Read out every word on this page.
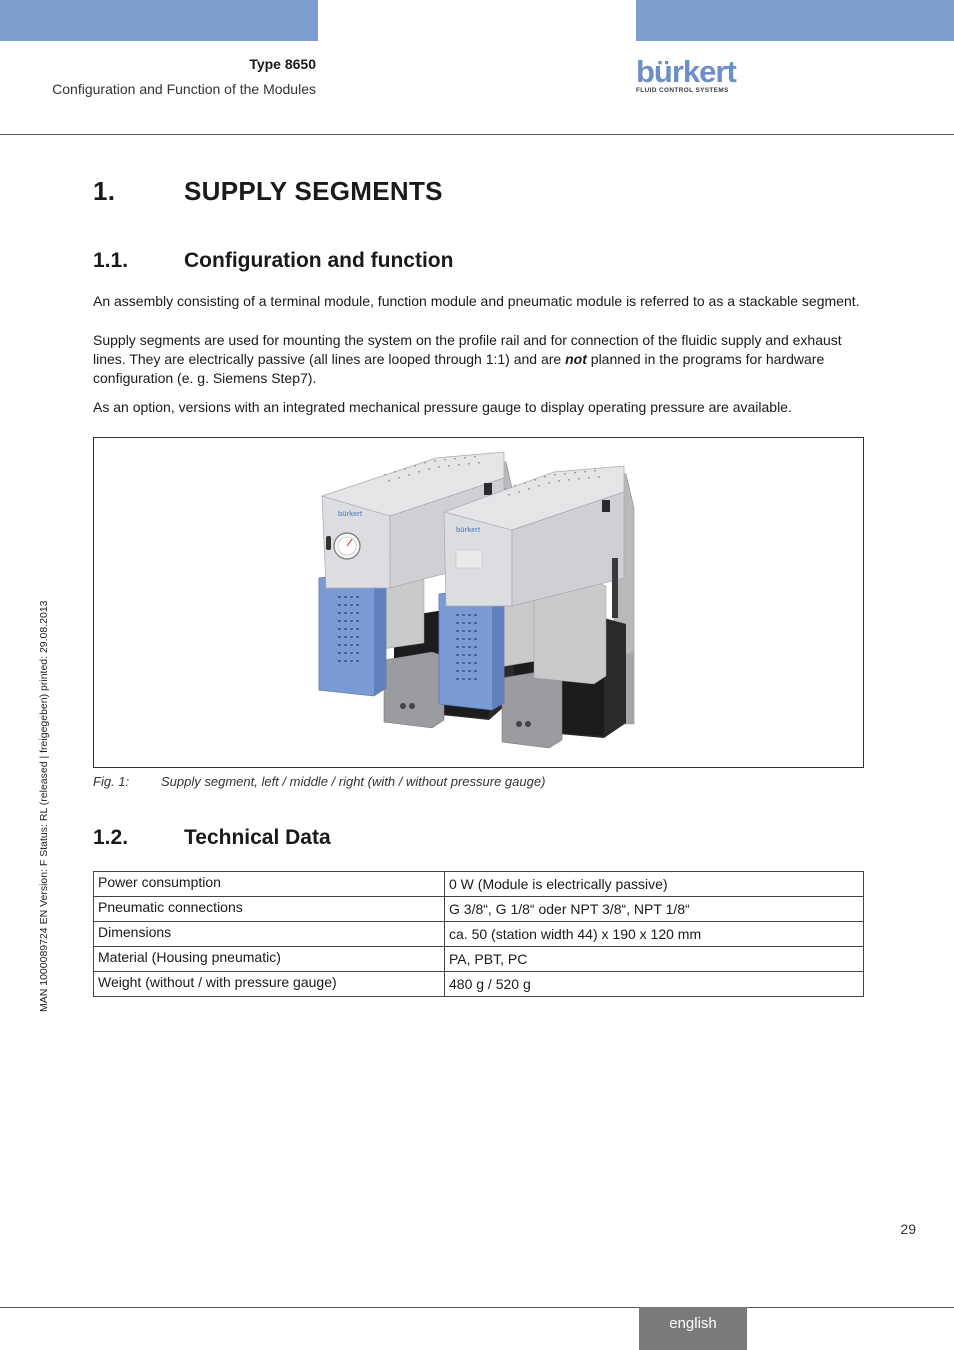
Type 8650
Configuration and Function of the Modules	bürkert
FLUID CONTROL SYSTEMS
1.	SUPPLY SEGMENTS
1.1.	Configuration and function
An assembly consisting of a terminal module, function module and pneumatic module is referred to as a stackable segment.
Supply segments are used for mounting the system on the profile rail and for connection of the fluidic supply and exhaust lines. They are electrically passive (all lines are looped through 1:1) and are not planned in the programs for hardware configuration (e. g. Siemens Step7).
As an option, versions with an integrated mechanical pressure gauge to display operating pressure are available.
bürkert
bürkert
Fig. 1: Supply segment, left / middle / right (with / without pressure gauge)
1.2.	Technical Data
Power consumption	0 W (Module is electrically passive)
Pneumatic connections	G 3/8“, G 1/8“ oder NPT 3/8“, NPT 1/8“
Dimensions	ca. 50 (station width 44) x 190 x 120 mm
Material (Housing pneumatic)	PA, PBT, PC
Weight (without / with pressure gauge)	480 g / 520 g
MAN 1000089724 EN Version: F Status: RL (released | freigegeben) printed: 29.08.2013
29
english
